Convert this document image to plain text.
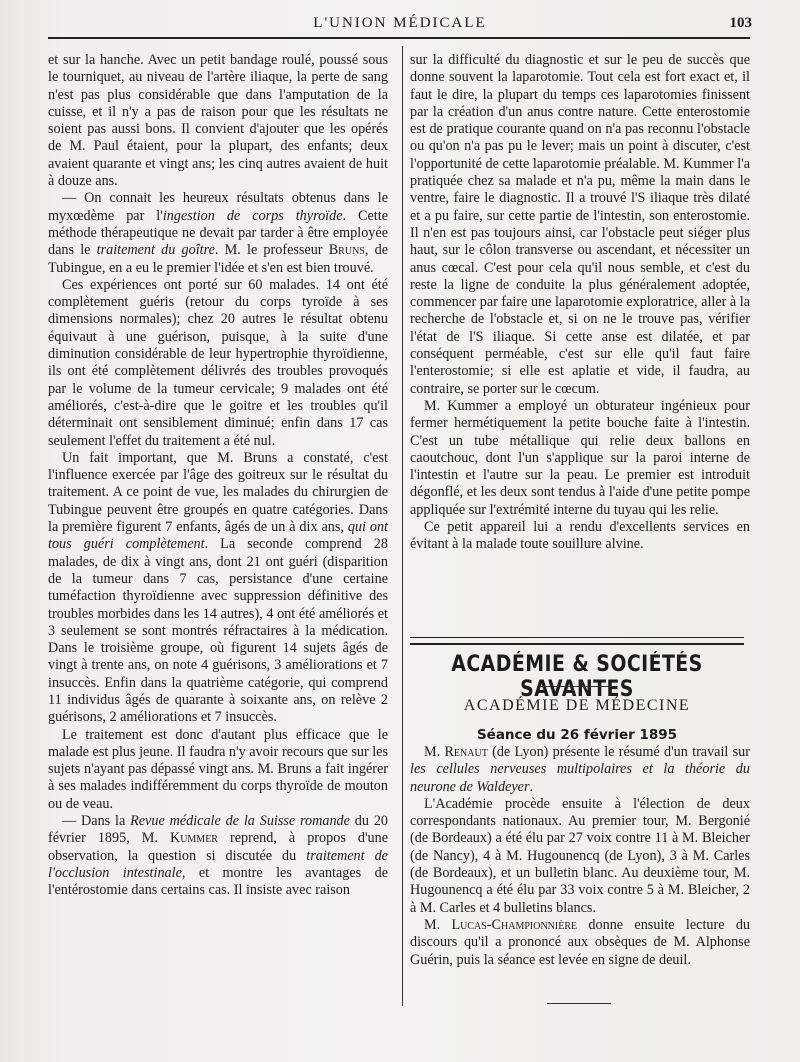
L'UNION MÉDICALE	103

et sur la hanche. Avec un petit bandage roulé, poussé sous le tourniquet, au niveau de l'artère iliaque, la perte de sang n'est pas plus considérable que dans l'amputation de la cuisse, et il n'y a pas de raison pour que les résultats ne soient pas aussi bons. Il convient d'ajouter que les opérés de M. Paul étaient, pour la plupart, des enfants; deux avaient quarante et vingt ans; les cinq autres avaient de huit à douze ans.

— On connait les heureux résultats obtenus dans le myxœdème par l'ingestion de corps thyroïde. Cette méthode thérapeutique ne devait par tarder à être employée dans le traitement du goître. M. le professeur Bruns, de Tubingue, en a eu le premier l'idée et s'en est bien trouvé.

Ces expériences ont porté sur 60 malades. 14 ont été complètement guéris (retour du corps tyroïde à ses dimensions normales); chez 20 autres le résultat obtenu équivaut à une guérison, puisque, à la suite d'une diminution considérable de leur hypertrophie thyroïdienne, ils ont été complètement délivrés des troubles provoqués par le volume de la tumeur cervicale; 9 malades ont été améliorés, c'est-à-dire que le goitre et les troubles qu'il déterminait ont sensiblement diminué; enfin dans 17 cas seulement l'effet du traitement a été nul.

Un fait important, que M. Bruns a constaté, c'est l'influence exercée par l'âge des goitreux sur le résultat du traitement. A ce point de vue, les malades du chirurgien de Tubingue peuvent être groupés en quatre catégories. Dans la première figurent 7 enfants, âgés de un à dix ans, qui ont tous guéri complètement. La seconde comprend 28 malades, de dix à vingt ans, dont 21 ont guéri (disparition de la tumeur dans 7 cas, persistance d'une certaine tuméfaction thyroïdienne avec suppression définitive des troubles morbides dans les 14 autres), 4 ont été améliorés et 3 seulement se sont montrés réfractaires à la médication. Dans le troisième groupe, où figurent 14 sujets âgés de vingt à trente ans, on note 4 guérisons, 3 améliorations et 7 insuccès. Enfin dans la quatrième catégorie, qui comprend 11 individus âgés de quarante à soixante ans, on relève 2 guérisons, 2 améliorations et 7 insuccès.

Le traitement est donc d'autant plus efficace que le malade est plus jeune. Il faudra n'y avoir recours que sur les sujets n'ayant pas dépassé vingt ans. M. Bruns a fait ingérer à ses malades indifféremment du corps thyroïde de mouton ou de veau.

— Dans la Revue médicale de la Suisse romande du 20 février 1895, M. Kummer reprend, à propos d'une observation, la question si discutée du traitement de l'occlusion intestinale, et montre les avantages de l'entérostomie dans certains cas. Il insiste avec raison

sur la difficulté du diagnostic et sur le peu de succès que donne souvent la laparotomie. Tout cela est fort exact et, il faut le dire, la plupart du temps ces laparotomies finissent par la création d'un anus contre nature. Cette enterostomie est de pratique courante quand on n'a pas reconnu l'obstacle ou qu'on n'a pas pu le lever; mais un point à discuter, c'est l'opportunité de cette laparotomie préalable. M. Kummer l'a pratiquée chez sa malade et n'a pu, même la main dans le ventre, faire le diagnostic. Il a trouvé l'S iliaque très dilaté et a pu faire, sur cette partie de l'intestin, son enterostomie. Il n'en est pas toujours ainsi, car l'obstacle peut siéger plus haut, sur le côlon transverse ou ascendant, et nécessiter un anus cœcal. C'est pour cela qu'il nous semble, et c'est du reste la ligne de conduite la plus généralement adoptée, commencer par faire une laparotomie exploratrice, aller à la recherche de l'obstacle et, si on ne le trouve pas, vérifier l'état de l'S iliaque. Si cette anse est dilatée, et par conséquent perméable, c'est sur elle qu'il faut faire l'enterostomie; si elle est aplatie et vide, il faudra, au contraire, se porter sur le cœcum.

M. Kummer a employé un obturateur ingénieux pour fermer hermétiquement la petite bouche faite à l'intestin. C'est un tube métallique qui relie deux ballons en caoutchouc, dont l'un s'applique sur la paroi interne de l'intestin et l'autre sur la peau. Le premier est introduit dégonflé, et les deux sont tendus à l'aide d'une petite pompe appliquée sur l'extrémité interne du tuyau qui les relie.

Ce petit appareil lui a rendu d'excellents services en évitant à la malade toute souillure alvine.

ACADÉMIE & SOCIÉTÉS SAVANTES
ACADÉMIE DE MÉDECINE
Séance du 26 février 1895

M. Renaut (de Lyon) présente le résumé d'un travail sur les cellules nerveuses multipolaires et la théorie du neurone de Waldeyer.

L'Académie procède ensuite à l'élection de deux correspondants nationaux. Au premier tour, M. Bergonié (de Bordeaux) a été élu par 27 voix contre 11 à M. Bleicher (de Nancy), 4 à M. Hugounencq (de Lyon), 3 à M. Carles (de Bordeaux), et un bulletin blanc. Au deuxième tour, M. Hugounencq a été élu par 33 voix contre 5 à M. Bleicher, 2 à M. Carles et 4 bulletins blancs.

M. Lucas-Championnière donne ensuite lecture du discours qu'il a prononcé aux obsèques de M. Alphonse Guérin, puis la séance est levée en signe de deuil.
